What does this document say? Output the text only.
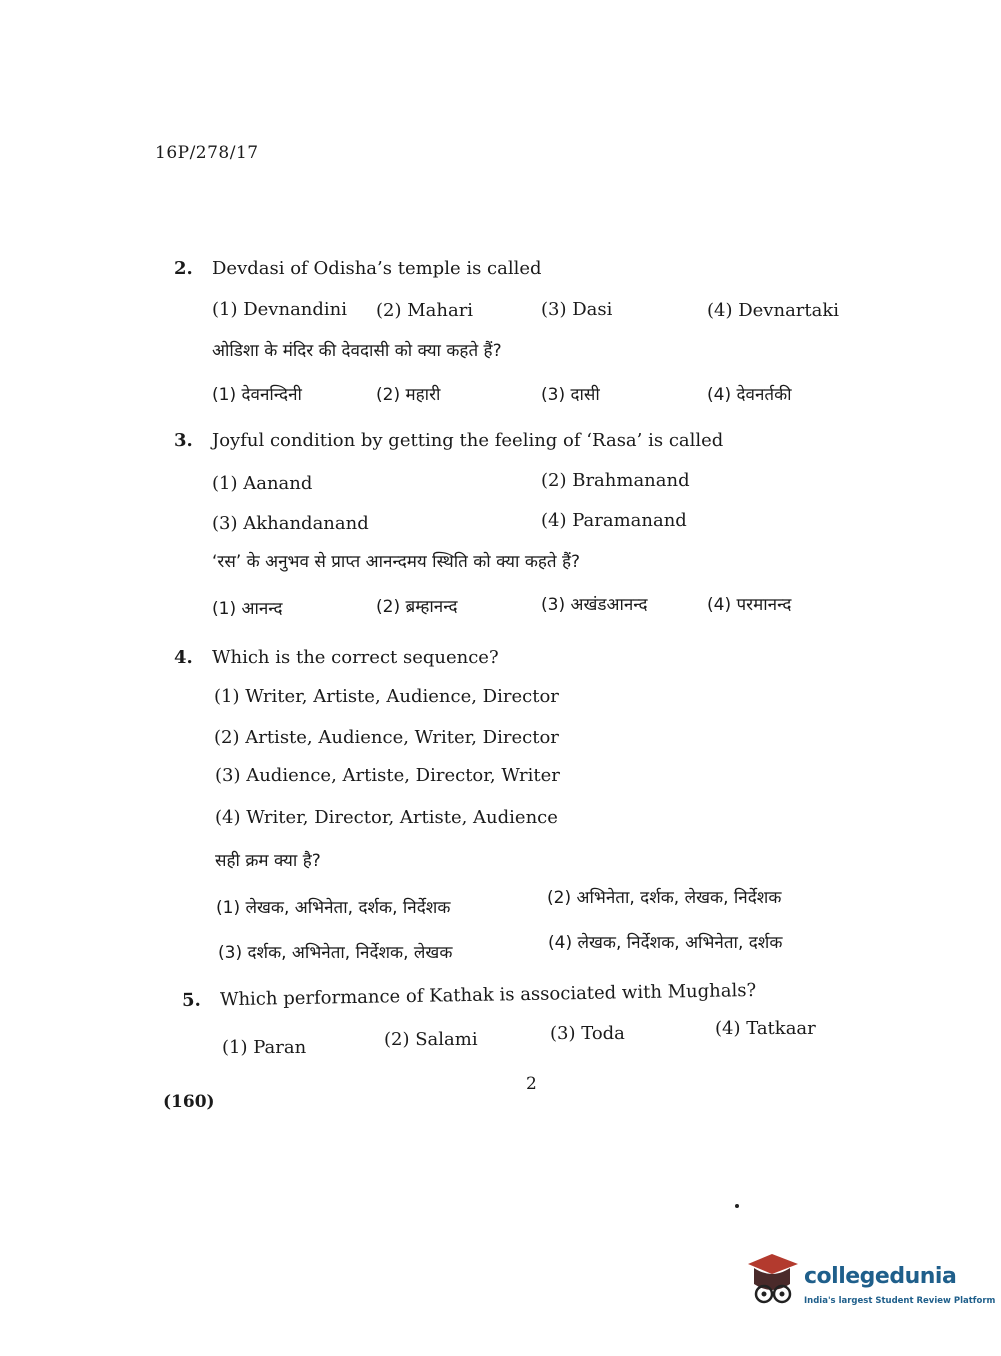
16P/278/17
2. Devdasi of Odisha’s temple is called
(1) Devnandini (2) Mahari	(3) Dasi	(4) Devnartaki
ओडिशा के मंदिर की देवदासी को क्या कहते हैं?
(1) देवनन्दिनी	(2) महारी	(3) दासी	(4) देवनर्तकी
3. Joyful condition by getting the feeling of ‘Rasa’ is called
(1) Aanand	(2) Brahmanand
(3) Akhandanand	(4) Paramanand
‘रस’ के अनुभव से प्राप्त आनन्दमय स्थिति को क्या कहते हैं?
(1) आनन्द	(2) ब्रम्हानन्द	(3) अखंडआनन्द	(4) परमानन्द
4. Which is the correct sequence?
(1) Writer, Artiste, Audience, Director
(2) Artiste, Audience, Writer, Director
(3) Audience, Artiste, Director, Writer
(4) Writer, Director, Artiste, Audience
सही क्रम क्या है?
(1) लेखक, अभिनेता, दर्शक, निर्देशक	(2) अभिनेता, दर्शक, लेखक, निर्देशक
(3) दर्शक, अभिनेता, निर्देशक, लेखक	(4) लेखक, निर्देशक, अभिनेता, दर्शक
5. Which performance of Kathak is associated with Mughals?
(1) Paran	(2) Salami	(3) Toda	(4) Tatkaar
2
(160)
collegedunia
India's largest Student Review Platform
